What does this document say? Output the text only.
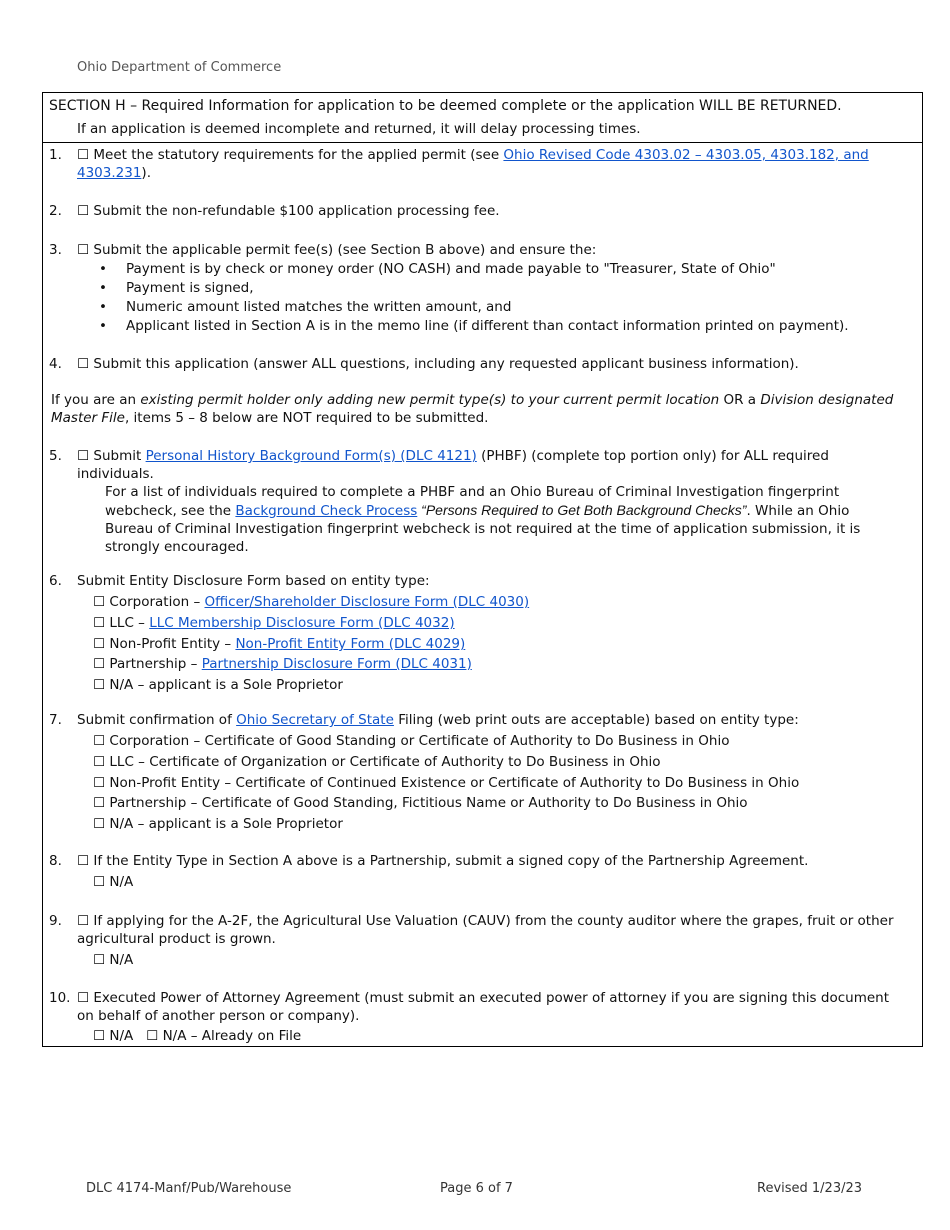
Ohio Department of Commerce
SECTION H – Required Information for application to be deemed complete or the application WILL BE RETURNED.
If an application is deemed incomplete and returned, it will delay processing times.
1. ☐ Meet the statutory requirements for the applied permit (see Ohio Revised Code 4303.02 – 4303.05, 4303.182, and
4303.231).
2. ☐ Submit the non-refundable $100 application processing fee.
3. ☐ Submit the applicable permit fee(s) (see Section B above) and ensure the:
• Payment is by check or money order (NO CASH) and made payable to "Treasurer, State of Ohio"
• Payment is signed,
• Numeric amount listed matches the written amount, and
• Applicant listed in Section A is in the memo line (if different than contact information printed on payment).
4. ☐ Submit this application (answer ALL questions, including any requested applicant business information).
If you are an existing permit holder only adding new permit type(s) to your current permit location OR a Division designated
Master File, items 5 – 8 below are NOT required to be submitted.
5. ☐ Submit Personal History Background Form(s) (DLC 4121) (PHBF) (complete top portion only) for ALL required
individuals.
For a list of individuals required to complete a PHBF and an Ohio Bureau of Criminal Investigation fingerprint
webcheck, see the Background Check Process “Persons Required to Get Both Background Checks”. While an Ohio
Bureau of Criminal Investigation fingerprint webcheck is not required at the time of application submission, it is
strongly encouraged.
6. Submit Entity Disclosure Form based on entity type:
☐ Corporation – Officer/Shareholder Disclosure Form (DLC 4030)
☐ LLC – LLC Membership Disclosure Form (DLC 4032)
☐ Non-Profit Entity – Non-Profit Entity Form (DLC 4029)
☐ Partnership – Partnership Disclosure Form (DLC 4031)
☐ N/A – applicant is a Sole Proprietor
7. Submit confirmation of Ohio Secretary of State Filing (web print outs are acceptable) based on entity type:
☐ Corporation – Certificate of Good Standing or Certificate of Authority to Do Business in Ohio
☐ LLC – Certificate of Organization or Certificate of Authority to Do Business in Ohio
☐ Non-Profit Entity – Certificate of Continued Existence or Certificate of Authority to Do Business in Ohio
☐ Partnership – Certificate of Good Standing, Fictitious Name or Authority to Do Business in Ohio
☐ N/A – applicant is a Sole Proprietor
8. ☐ If the Entity Type in Section A above is a Partnership, submit a signed copy of the Partnership Agreement.
☐ N/A
9. ☐ If applying for the A-2F, the Agricultural Use Valuation (CAUV) from the county auditor where the grapes, fruit or other
agricultural product is grown.
☐ N/A
10. ☐ Executed Power of Attorney Agreement (must submit an executed power of attorney if you are signing this document
on behalf of another person or company).
☐ N/A ☐ N/A – Already on File
DLC 4174-Manf/Pub/Warehouse	Page 6 of 7	Revised 1/23/23
